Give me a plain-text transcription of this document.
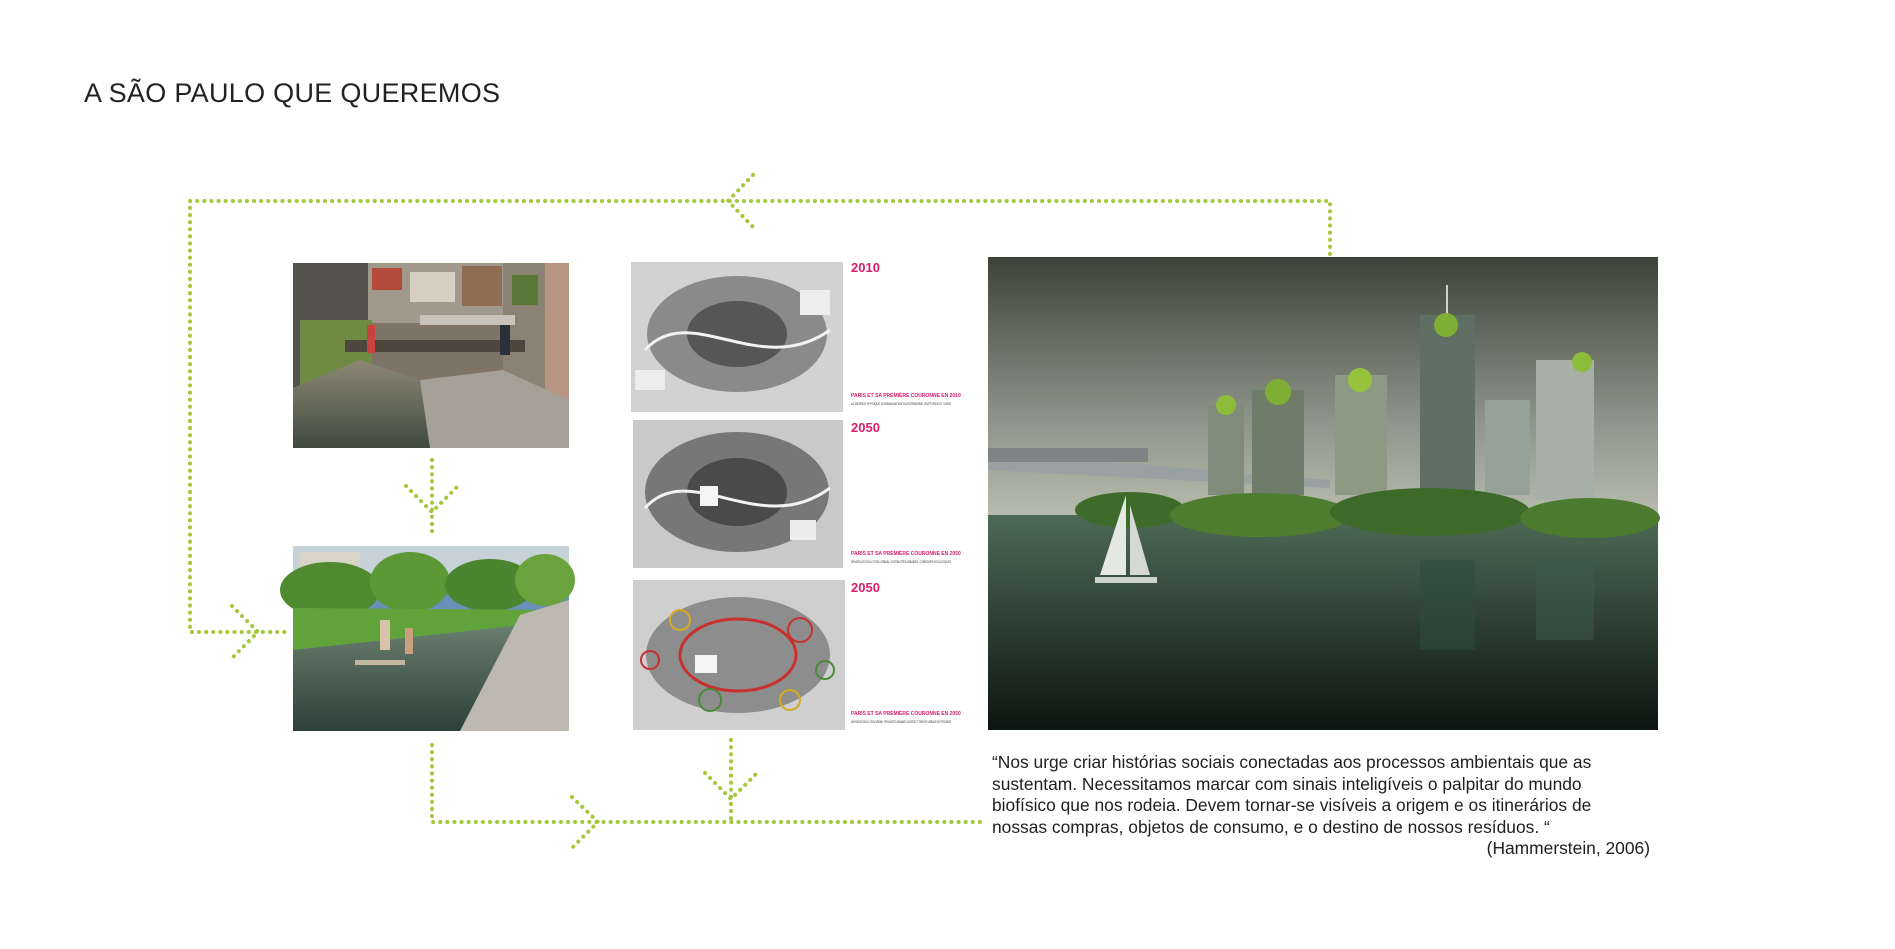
A SÃO PAULO QUE QUEREMOS
2010
PARIS ET SA PREMIÈRE COURONNE EN 2010
LA MATRICE PHYSIQUE D'URBANISATION DU PATRIMOINE, RUPTURES ET VIDES
2050
PARIS ET SA PREMIÈRE COURONNE EN 2050
DENSIFICATION DU TISSU URBAIN, CONTINUITÉS URBAINES, CORRIDORS ÉCOLOGIQUES
2050
PARIS ET SA PREMIÈRE COURONNE EN 2050
DENSIFICATION DU TISSU URBAIN, PROXIMITÉS URBAINES, MIXITÉS ET TEMPLES URBAINS DE PROXIMITÉ
“Nos urge criar histórias sociais conectadas aos processos ambientais que as
sustentam. Necessitamos marcar com sinais inteligíveis o palpitar do mundo
biofísico que nos rodeia. Devem tornar-se visíveis a origem e os itinerários de
nossas compras, objetos de consumo, e o destino de nossos resíduos. “
(Hammerstein, 2006)
